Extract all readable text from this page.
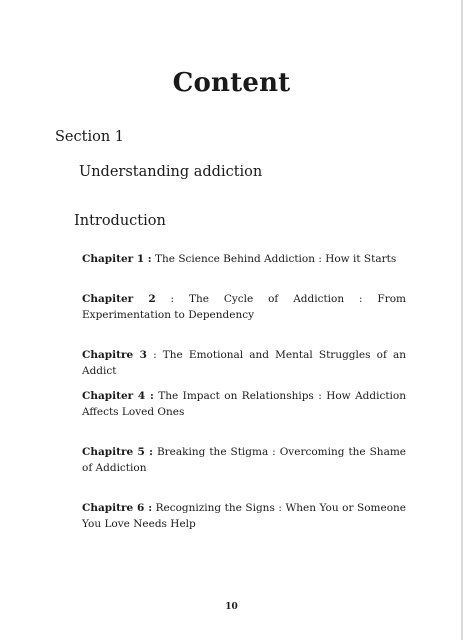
Content

Section 1

Understanding addiction

Introduction

Chapiter 1 : The Science Behind Addiction : How it Starts

Chapiter 2 : The Cycle of Addiction : From Experimentation to Dependency

Chapitre 3 : The Emotional and Mental Struggles of an Addict

Chapiter 4 : The Impact on Relationships : How Addiction Affects Loved Ones

Chapitre 5 : Breaking the Stigma : Overcoming the Shame of Addiction

Chapitre 6 : Recognizing the Signs : When You or Someone You Love Needs Help

10
